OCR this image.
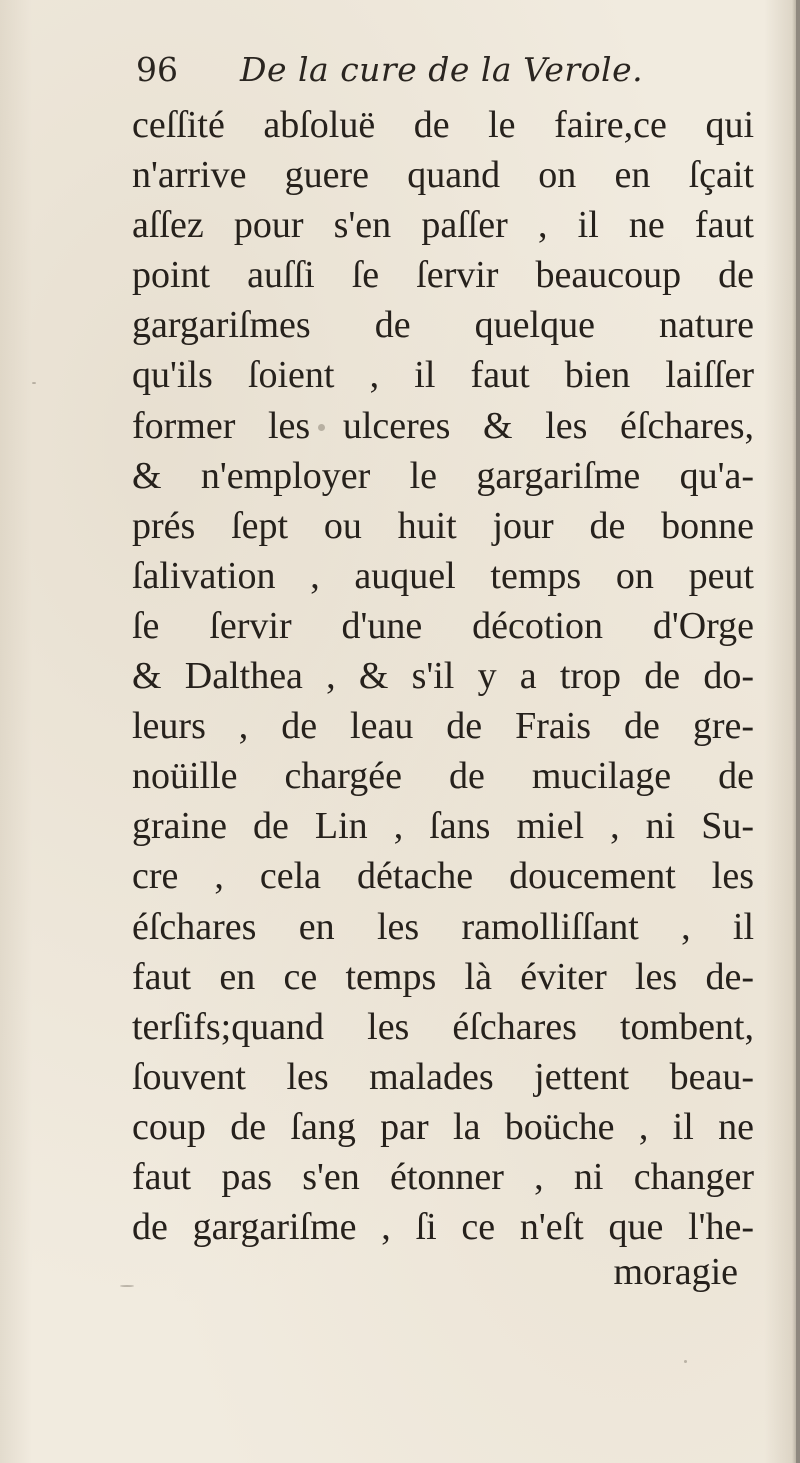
96 De la cure de la Verole.
ceſſité abſoluë de le faire,ce qui
n'arrive guere quand on en ſçait
aſſez pour s'en paſſer , il ne faut
point auſſi ſe ſervir beaucoup de
gargariſmes de quelque nature
qu'ils ſoient , il faut bien laiſſer
former les ulceres & les éſchares,
& n'employer le gargariſme qu'a-
prés ſept ou huit jour de bonne
ſalivation , auquel temps on peut
ſe ſervir d'une décotion d'Orge
& Dalthea , & s'il y a trop de do-
leurs , de leau de Frais de gre-
noüille chargée de mucilage de
graine de Lin , ſans miel , ni Su-
cre , cela détache doucement les
éſchares en les ramolliſſant , il
faut en ce temps là éviter les de-
terſifs;quand les éſchares tombent,
ſouvent les malades jettent beau-
coup de ſang par la boüche , il ne
faut pas s'en étonner , ni changer
de gargariſme , ſi ce n'eſt que l'he-
moragie
